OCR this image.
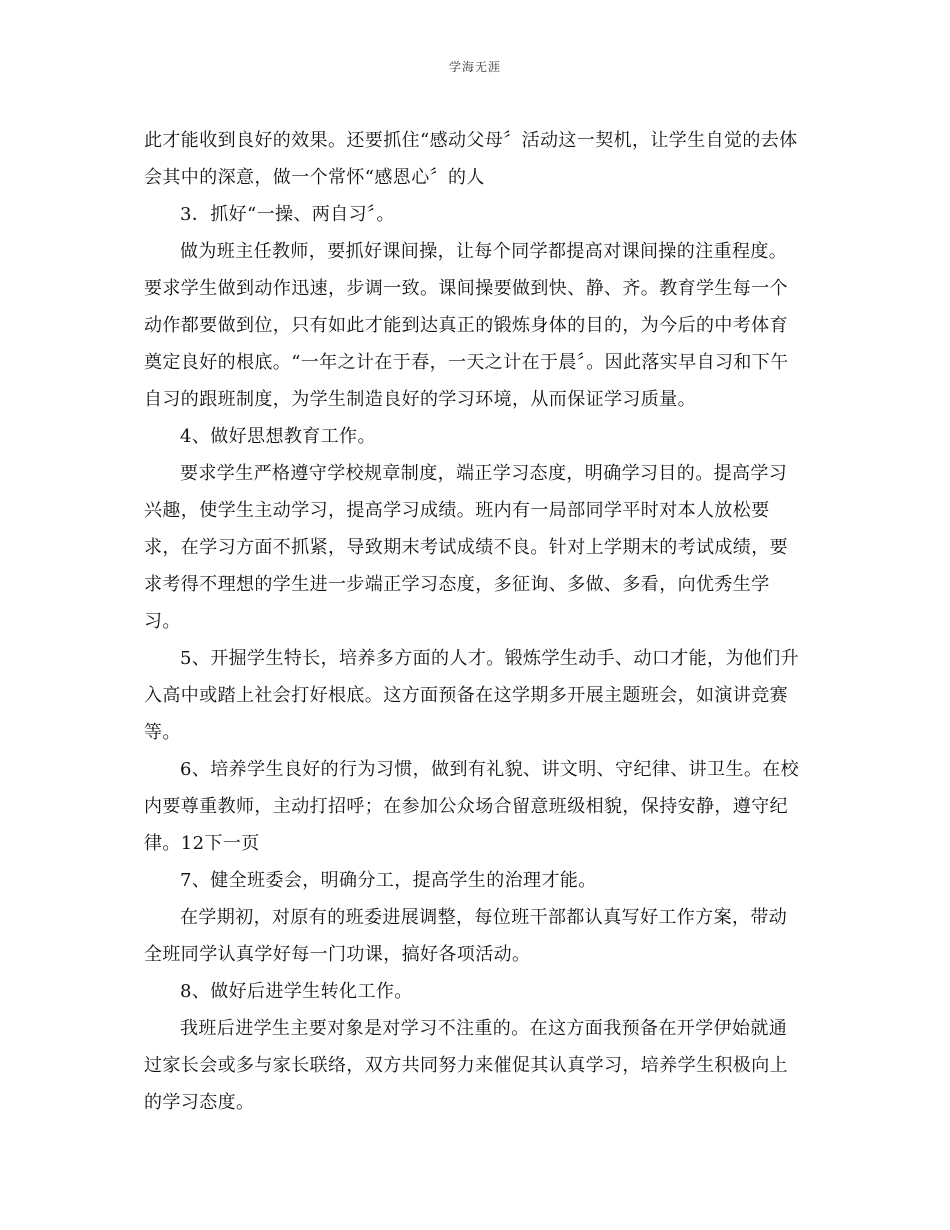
学海无涯
此才能收到良好的效果。还要抓住“感动父母〞活动这一契机，让学生自觉的去体
会其中的深意，做一个常怀“感恩心〞的人
3．抓好“一操、两自习〞。
做为班主任教师，要抓好课间操，让每个同学都提高对课间操的注重程度。
要求学生做到动作迅速，步调一致。课间操要做到快、静、齐。教育学生每一个
动作都要做到位，只有如此才能到达真正的锻炼身体的目的，为今后的中考体育
奠定良好的根底。“一年之计在于春，一天之计在于晨〞。因此落实早自习和下午
自习的跟班制度，为学生制造良好的学习环境，从而保证学习质量。
4、做好思想教育工作。
要求学生严格遵守学校规章制度，端正学习态度，明确学习目的。提高学习
兴趣，使学生主动学习，提高学习成绩。班内有一局部同学平时对本人放松要
求，在学习方面不抓紧，导致期末考试成绩不良。针对上学期末的考试成绩，要
求考得不理想的学生进一步端正学习态度，多征询、多做、多看，向优秀生学
习。
5、开掘学生特长，培养多方面的人才。锻炼学生动手、动口才能，为他们升
入高中或踏上社会打好根底。这方面预备在这学期多开展主题班会，如演讲竞赛
等。
6、培养学生良好的行为习惯，做到有礼貌、讲文明、守纪律、讲卫生。在校
内要尊重教师，主动打招呼；在参加公众场合留意班级相貌，保持安静，遵守纪
律。12下一页
7、健全班委会，明确分工，提高学生的治理才能。
在学期初，对原有的班委进展调整，每位班干部都认真写好工作方案，带动
全班同学认真学好每一门功课，搞好各项活动。
8、做好后进学生转化工作。
我班后进学生主要对象是对学习不注重的。在这方面我预备在开学伊始就通
过家长会或多与家长联络，双方共同努力来催促其认真学习，培养学生积极向上
的学习态度。
